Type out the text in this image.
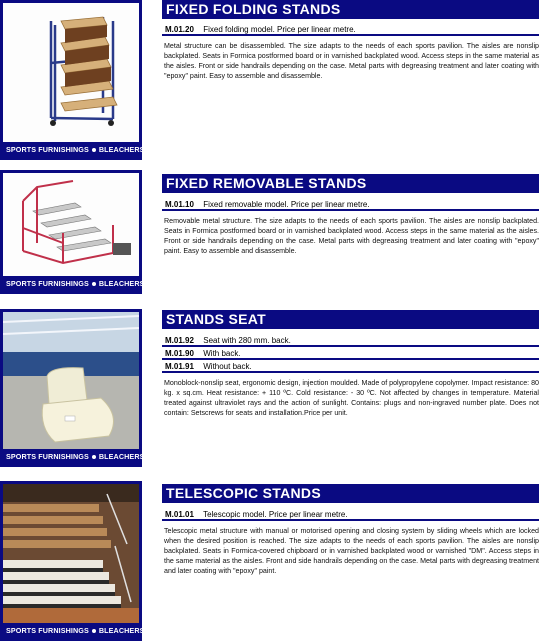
SPORTS FURNISHINGS BLEACHERS
FIXED FOLDING STANDS
M.01.20 Fixed folding model. Price per linear metre.

Metal structure can be disassembled. The size adapts to the needs of each sports pavilion. The aisles are nonslip backplated. Seats in Formica postformed board or in varnished backplated wood. Access steps in the same material as the aisles. Front or side handrails depending on the case. Metal parts with degreasing treatment and later coating with "epoxy" paint. Easy to assemble and disassemble.

SPORTS FURNISHINGS BLEACHERS
FIXED REMOVABLE STANDS
M.01.10 Fixed removable model. Price per linear metre.

Removable metal structure. The size adapts to the needs of each sports pavilion. The aisles are nonslip backplated. Seats in Formica postformed board or in varnished backplated wood. Access steps in the same material as the aisles. Front or side handrails depending on the case. Metal parts with degreasing treatment and later coating with "epoxy" paint. Easy to assemble and disassemble.

SPORTS FURNISHINGS BLEACHERS
STANDS SEAT
M.01.92 Seat with 280 mm. back.
M.01.90 With back.
M.01.91 Without back.

Monoblock-nonslip seat, ergonomic design, injection moulded. Made of polypropylene copolymer. Impact resistance: 80 kg. x sq.cm. Heat resistance: + 110 ºC. Cold resistance: - 30 ºC. Not affected by changes in temperature. Material treated against ultraviolet rays and the action of sunlight. Contains: plugs and non-ingraved number plate. Does not contain: Setscrews for seats and installation.Price per unit.

SPORTS FURNISHINGS BLEACHERS
TELESCOPIC STANDS
M.01.01 Telescopic model. Price per linear metre.

Telescopic metal structure with manual or motorised opening and closing system by sliding wheels which are locked when the desired position is reached. The size adapts to the needs of each sports pavilion. The aisles are nonslip backplated. Seats in Formica-covered chipboard or in varnished backplated wood or varnished "DM". Access steps in the same material as the aisles. Front and side handrails depending on the case. Metal parts with degreasing treatment and later coating with "epoxy" paint.
